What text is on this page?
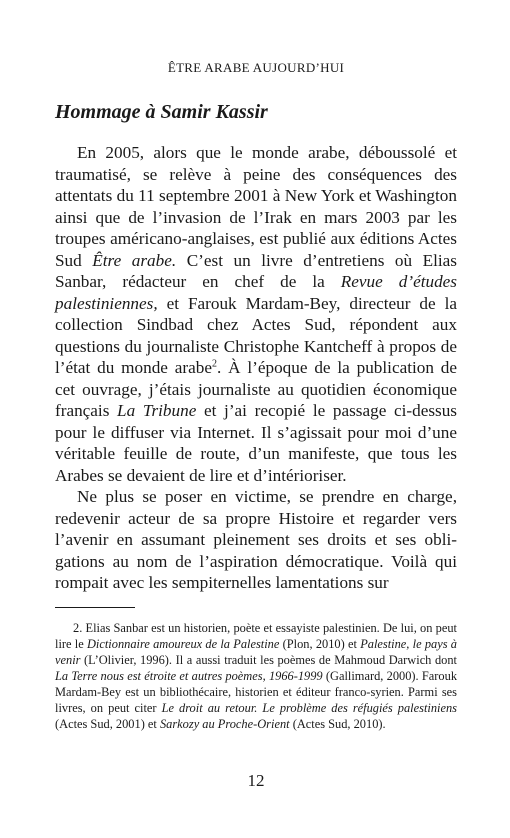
ÊTRE ARABE AUJOURD’HUI
Hommage à Samir Kassir

En 2005, alors que le monde arabe, déboussolé et traumatisé, se relève à peine des conséquences des attentats du 11 septembre 2001 à New York et Washington ainsi que de l’invasion de l’Irak en mars 2003 par les troupes américano-anglaises, est publié aux éditions Actes Sud Être arabe. C’est un livre d’entretiens où Elias Sanbar, rédacteur en chef de la Revue d’études palestiniennes, et Farouk Mardam-Bey, directeur de la collection Sindbad chez Actes Sud, répondent aux questions du journaliste Christophe Kantcheff à propos de l’état du monde arabe$^2$. À l’époque de la publication de cet ouvrage, j’étais journaliste au quotidien économique français La Tribune et j’ai recopié le passage ci-dessus pour le diffuser via Internet. Il s’agissait pour moi d’une véritable feuille de route, d’un manifeste, que tous les Arabes se devaient de lire et d’intérioriser.

Ne plus se poser en victime, se prendre en charge, redevenir acteur de sa propre Histoire et regarder vers l’avenir en assumant pleinement ses droits et ses obligations au nom de l’aspiration démocratique. Voilà qui rompait avec les sempiternelles lamentations sur

2. Elias Sanbar est un historien, poète et essayiste palestinien. De lui, on peut lire le Dictionnaire amoureux de la Palestine (Plon, 2010) et Palestine, le pays à venir (L’Olivier, 1996). Il a aussi traduit les poèmes de Mahmoud Darwich dont La Terre nous est étroite et autres poèmes, 1966-1999 (Gallimard, 2000). Farouk Mardam-Bey est un bibliothécaire, historien et éditeur franco-syrien. Parmi ses livres, on peut citer Le droit au retour. Le problème des réfugiés palestiniens (Actes Sud, 2001) et Sarkozy au Proche-Orient (Actes Sud, 2010).

12
